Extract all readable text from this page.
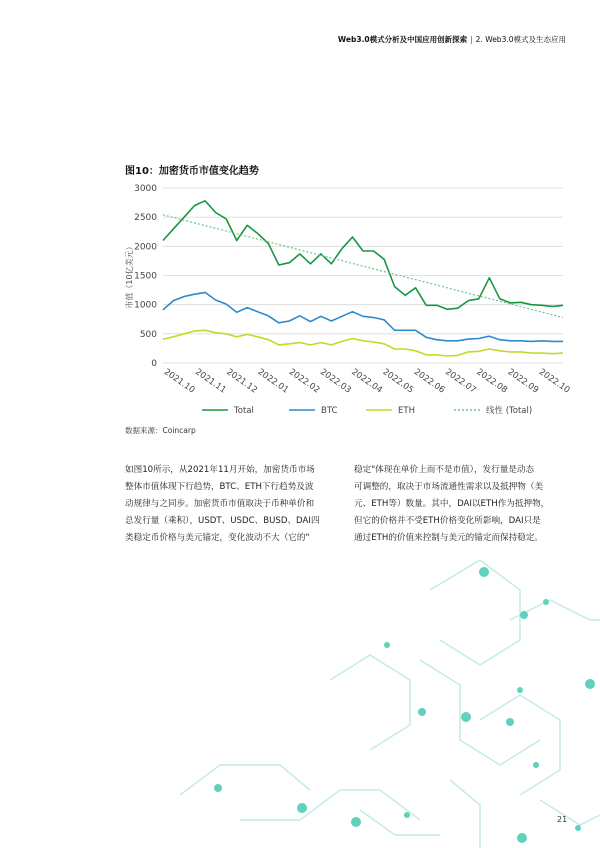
Web3.0模式分析及中国应用创新探索 | 2. Web3.0模式及生态应用
图10：加密货币市值变化趋势
0
500
1000
1500
2000
2500
3000
市值（10亿美元）
2021.10
2021.11
2021.12
2022.01
2022.02
2022.03
2022.04
2022.05
2022.06
2022.07
2022.08
2022.09
2022.10
Total	BTC	ETH	线性 (Total)
数据来源：Coincarp
如图10所示，从2021年11月开始，加密货币市场
整体市值体现下行趋势，BTC、ETH下行趋势及波
动规律与之同步。加密货币市值取决于币种单价和
总发行量（乘积），USDT、USDC、BUSD、DAI四
类稳定币价格与美元锚定，变化波动不大（它的"
稳定"体现在单价上而不是市值），发行量是动态
可调整的，取决于市场流通性需求以及抵押物（美
元、ETH等）数量。其中，DAI以ETH作为抵押物，
但它的价格并不受ETH价格变化所影响，DAI只是
通过ETH的价值来控制与美元的锚定而保持稳定。
21
